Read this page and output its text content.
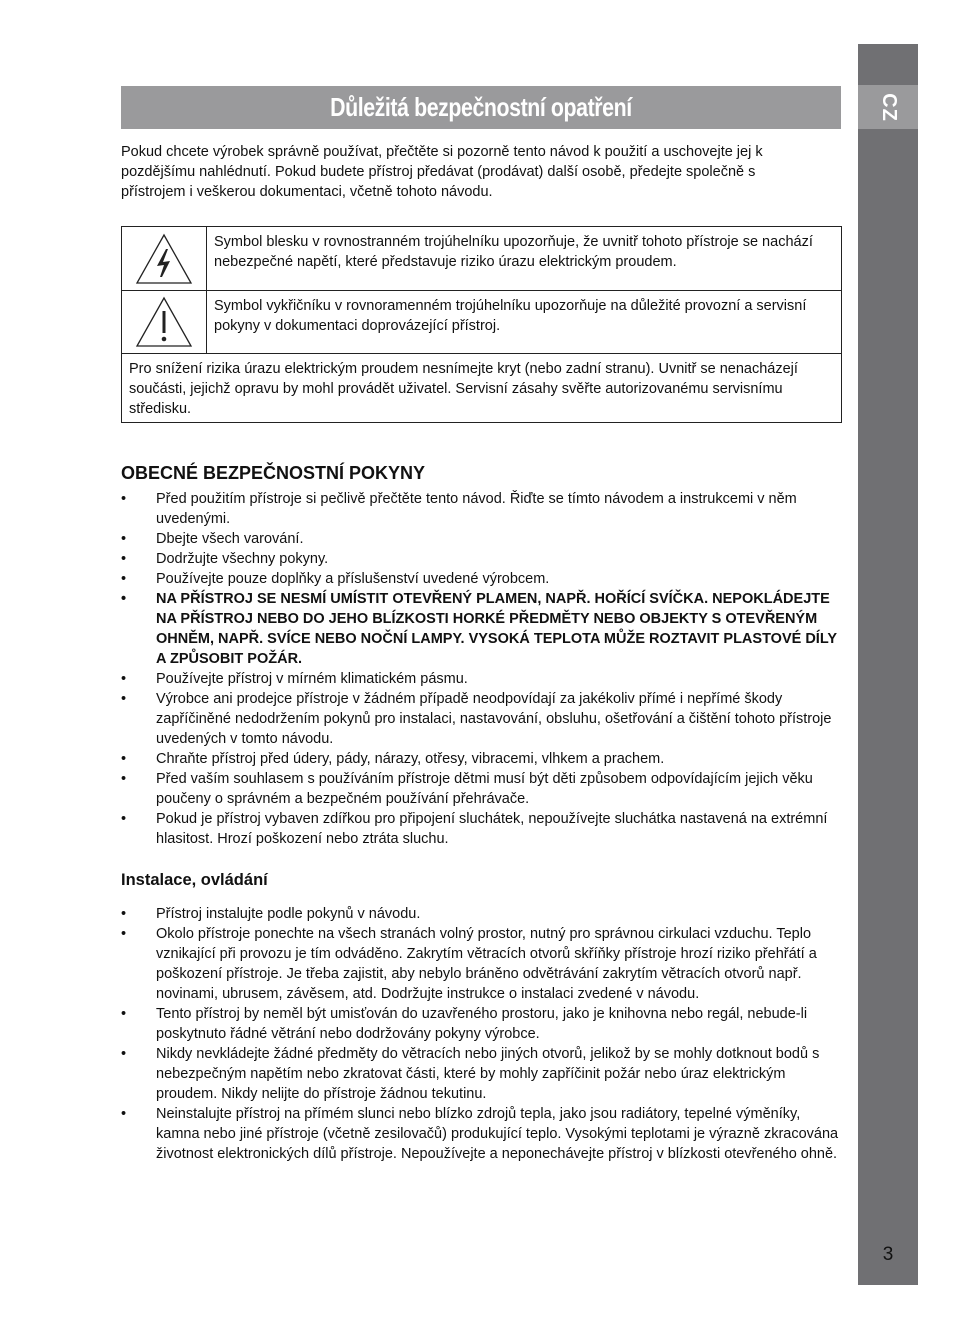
CZ
3
Důležitá bezpečnostní opatření

Pokud chcete výrobek správně používat, přečtěte si pozorně tento návod k použití a uschovejte jej k pozdějšímu nahlédnutí. Pokud budete přístroj předávat (prodávat) další osobě, předejte společně s přístrojem i veškerou dokumentaci, včetně tohoto návodu.

Symbol blesku v rovnostranném trojúhelníku upozorňuje, že uvnitř tohoto přístroje se nachází nebezpečné napětí, které představuje riziko úrazu elektrickým proudem.
Symbol vykřičníku v rovnoramenném trojúhelníku upozorňuje na důležité provozní a servisní pokyny v dokumentaci doprovázející přístroj.
Pro snížení rizika úrazu elektrickým proudem nesnímejte kryt (nebo zadní stranu). Uvnitř se nenacházejí součásti, jejichž opravu by mohl provádět uživatel. Servisní zásahy svěřte autorizovanému servisnímu středisku.
OBECNÉ BEZPEČNOSTNÍ POKYNY
• Před použitím přístroje si pečlivě přečtěte tento návod. Řiďte se tímto návodem a instrukcemi v něm uvedenými.
• Dbejte všech varování.
• Dodržujte všechny pokyny.
• Používejte pouze doplňky a příslušenství uvedené výrobcem.
• NA PŘÍSTROJ SE NESMÍ UMÍSTIT OTEVŘENÝ PLAMEN, NAPŘ. HOŘÍCÍ SVÍČKA. NEPOKLÁDEJTE NA PŘÍSTROJ NEBO DO JEHO BLÍZKOSTI HORKÉ PŘEDMĚTY NEBO OBJEKTY S OTEVŘENÝM OHNĚM, NAPŘ. SVÍCE NEBO NOČNÍ LAMPY. VYSOKÁ TEPLOTA MŮŽE ROZTAVIT PLASTOVÉ DÍLY A ZPŮSOBIT POŽÁR.
• Používejte přístroj v mírném klimatickém pásmu.
• Výrobce ani prodejce přístroje v žádném případě neodpovídají za jakékoliv přímé i nepřímé škody zapříčiněné nedodržením pokynů pro instalaci, nastavování, obsluhu, ošetřování a čištění tohoto přístroje uvedených v tomto návodu.
• Chraňte přístroj před údery, pády, nárazy, otřesy, vibracemi, vlhkem a prachem.
• Před vaším souhlasem s používáním přístroje dětmi musí být děti způsobem odpovídajícím jejich věku poučeny o správném a bezpečném používání přehrávače.
• Pokud je přístroj vybaven zdířkou pro připojení sluchátek, nepoužívejte sluchátka nastavená na extrémní hlasitost. Hrozí poškození nebo ztráta sluchu.
Instalace, ovládání
• Přístroj instalujte podle pokynů v návodu.
• Okolo přístroje ponechte na všech stranách volný prostor, nutný pro správnou cirkulaci vzduchu. Teplo vznikající při provozu je tím odváděno. Zakrytím větracích otvorů skříňky přístroje hrozí riziko přehřátí a poškození přístroje. Je třeba zajistit, aby nebylo bráněno odvětrávání zakrytím větracích otvorů např. novinami, ubrusem, závěsem, atd. Dodržujte instrukce o instalaci zvedené v návodu.
• Tento přístroj by neměl být umisťován do uzavřeného prostoru, jako je knihovna nebo regál, nebude-li poskytnuto řádné větrání nebo dodržovány pokyny výrobce.
• Nikdy nevkládejte žádné předměty do větracích nebo jiných otvorů, jelikož by se mohly dotknout bodů s nebezpečným napětím nebo zkratovat části, které by mohly zapříčinit požár nebo úraz elektrickým proudem. Nikdy nelijte do přístroje žádnou tekutinu.
• Neinstalujte přístroj na přímém slunci nebo blízko zdrojů tepla, jako jsou radiátory, tepelné výměníky, kamna nebo jiné přístroje (včetně zesilovačů) produkující teplo. Vysokými teplotami je výrazně zkracována životnost elektronických dílů přístroje. Nepoužívejte a neponechávejte přístroj v blízkosti otevřeného ohně.
